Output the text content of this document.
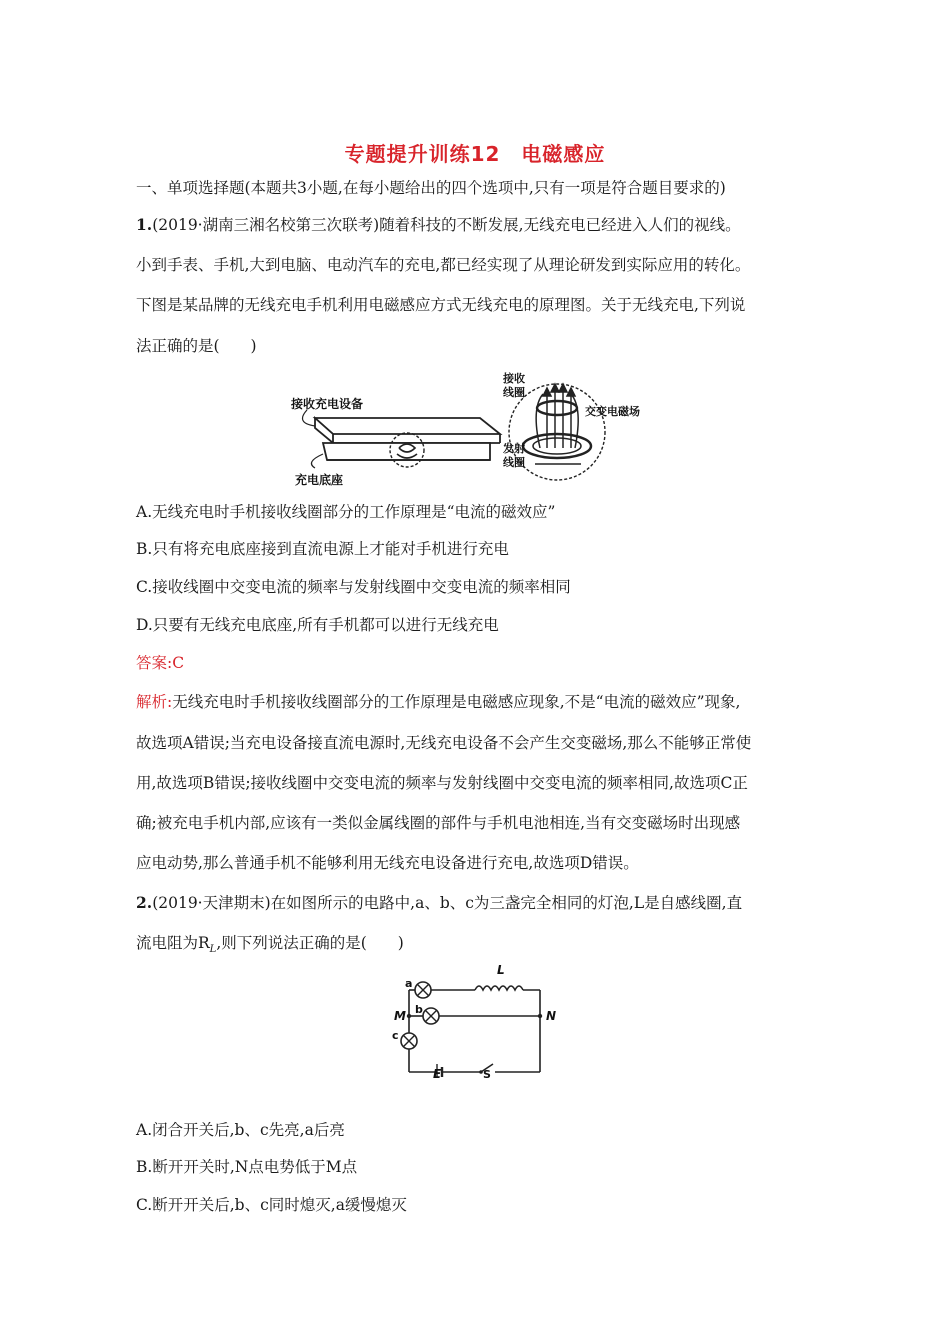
专题提升训练12　电磁感应
一、单项选择题(本题共3小题,在每小题给出的四个选项中,只有一项是符合题目要求的)
1.(2019·湖南三湘名校第三次联考)随着科技的不断发展,无线充电已经进入人们的视线。
小到手表、手机,大到电脑、电动汽车的充电,都已经实现了从理论研发到实际应用的转化。
下图是某品牌的无线充电手机利用电磁感应方式无线充电的原理图。关于无线充电,下列说
法正确的是(　　)
接收充电设备
充电底座
接收
线圈
交变电磁场
发射
线圈
A.无线充电时手机接收线圈部分的工作原理是“电流的磁效应”
B.只有将充电底座接到直流电源上才能对手机进行充电
C.接收线圈中交变电流的频率与发射线圈中交变电流的频率相同
D.只要有无线充电底座,所有手机都可以进行无线充电
答案:C
解析:无线充电时手机接收线圈部分的工作原理是电磁感应现象,不是“电流的磁效应”现象,
故选项A错误;当充电设备接直流电源时,无线充电设备不会产生交变磁场,那么不能够正常使
用,故选项B错误;接收线圈中交变电流的频率与发射线圈中交变电流的频率相同,故选项C正
确;被充电手机内部,应该有一类似金属线圈的部件与手机电池相连,当有交变磁场时出现感
应电动势,那么普通手机不能够利用无线充电设备进行充电,故选项D错误。
2.(2019·天津期末)在如图所示的电路中,a、b、c为三盏完全相同的灯泡,L是自感线圈,直
流电阻为$R_L$,则下列说法正确的是(　　)
a
b
c
L
M	N
E	S
A.闭合开关后,b、c先亮,a后亮
B.断开开关时,N点电势低于M点
C.断开开关后,b、c同时熄灭,a缓慢熄灭
